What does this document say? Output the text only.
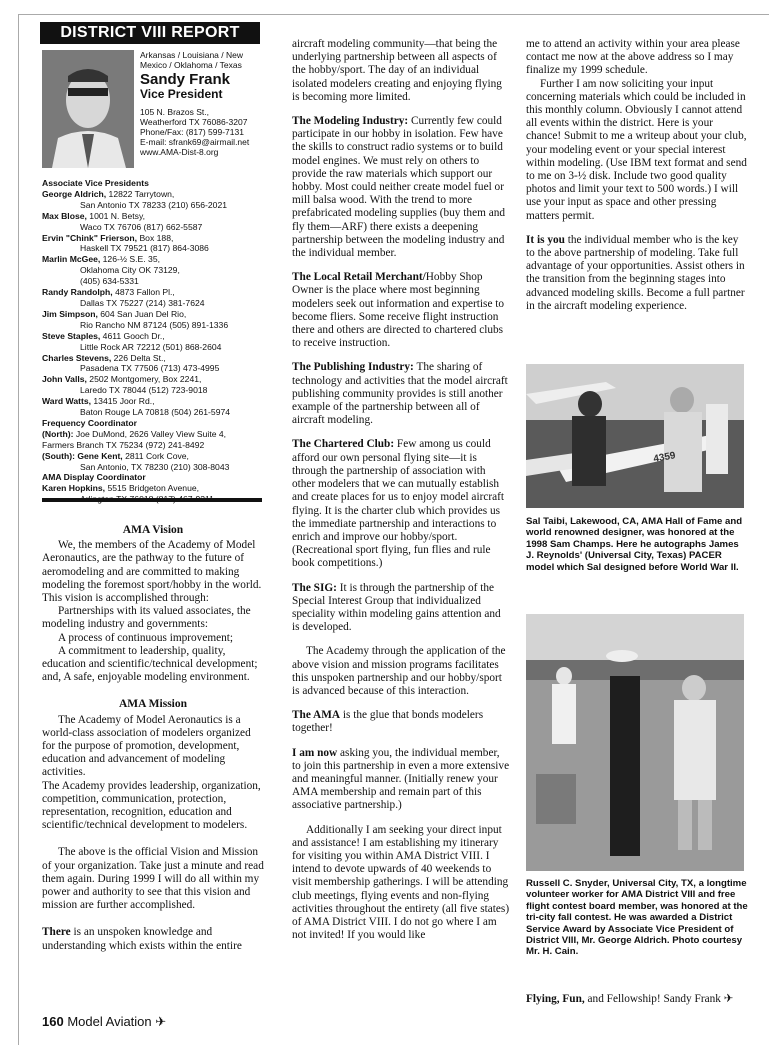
DISTRICT VIII REPORT
Arkansas / Louisiana / New
Mexico / Oklahoma / Texas
Sandy Frank
Vice President
105 N. Brazos St.,
Weatherford TX 76086-3207
Phone/Fax: (817) 599-7131
E-mail: sfrank69@airmail.net
www.AMA-Dist-8.org
Associate Vice Presidents
George Aldrich, 12822 Tarrytown,
San Antonio TX 78233 (210) 656-2021
Max Blose, 1001 N. Betsy,
Waco TX 76706 (817) 662-5587
Ervin "Chink" Frierson, Box 188,
Haskell TX 79521 (817) 864-3086
Marlin McGee, 126-½ S.E. 35,
Oklahoma City OK 73129,
(405) 634-5331
Randy Randolph, 4873 Fallon Pl.,
Dallas TX 75227 (214) 381-7624
Jim Simpson, 604 San Juan Del Rio,
Rio Rancho NM 87124 (505) 891-1336
Steve Staples, 4611 Gooch Dr.,
Little Rock AR 72212 (501) 868-2604
Charles Stevens, 226 Delta St.,
Pasadena TX 77506 (713) 473-4995
John Valls, 2502 Montgomery, Box 2241,
Laredo TX 78044 (512) 723-9018
Ward Watts, 13415 Joor Rd.,
Baton Rouge LA 70818 (504) 261-5974
Frequency Coordinator
(North): Joe DuMond, 2626 Valley View Suite 4,
Farmers Branch TX 75234 (972) 241-8492
(South): Gene Kent, 2811 Cork Cove,
San Antonio, TX 78230 (210) 308-8043
AMA Display Coordinator
Karen Hopkins, 5515 Bridgeton Avenue,
AMA Vision

We, the members of the Academy of Model Aeronautics, are the pathway to the future of aeromodeling and are committed to making modeling the foremost sport/hobby in the world.

This vision is accomplished through:

Partnerships with its valued associates, the modeling industry and governments:

A process of continuous improvement;

A commitment to leadership, quality, education and scientific/technical development; and, A safe, enjoyable modeling environment.

AMA Mission

The Academy of Model Aeronautics is a world-class association of modelers organized for the purpose of promotion, development, education and advancement of modeling activities.

The Academy provides leadership, organization, competition, communication, protection, representation, recognition, education and scientific/technical development to modelers.

The above is the official Vision and Mission of your organization. Take just a minute and read them again. During 1999 I will do all within my power and authority to see that this vision and mission are further accomplished.

There is an unspoken knowledge and understanding which exists within the entire

aircraft modeling community—that being the underlying partnership between all aspects of the hobby/sport. The day of an individual isolated modelers creating and enjoying flying is becoming more limited.

The Modeling Industry: Currently few could participate in our hobby in isolation. Few have the skills to construct radio systems or to build model engines. We must rely on others to provide the raw materials which support our hobby. Most could neither create model fuel or mill balsa wood. With the trend to more prefabricated modeling supplies (buy them and fly them—ARF) there exists a deepening partnership between the modeling industry and the individual member.

The Local Retail Merchant/Hobby Shop Owner is the place where most beginning modelers seek out information and expertise to become fliers. Some receive flight instruction there and others are directed to chartered clubs to receive instruction.

The Publishing Industry: The sharing of technology and activities that the model aircraft publishing community provides is still another example of the partnership between all of aircraft modeling.

The Chartered Club: Few among us could afford our own personal flying site—it is through the partnership of association with other modelers that we can mutually establish and create places for us to enjoy model aircraft flying. It is the charter club which provides us the immediate partnership and interactions to enrich and improve our hobby/sport. (Recreational sport flying, fun flies and rule book competitions.)

The SIG: It is through the partnership of the Special Interest Group that individualized speciality within modeling gains attention and is developed.

The Academy through the application of the above vision and mission programs facilitates this unspoken partnership and our hobby/sport is advanced because of this interaction.

The AMA is the glue that bonds modelers together!

I am now asking you, the individual member, to join this partnership in even a more extensive and meaningful manner. (Initially renew your AMA membership and remain part of this associative partnership.)

Additionally I am seeking your direct input and assistance! I am establishing my itinerary for visiting you within AMA District VIII. I intend to devote upwards of 40 weekends to visit membership gatherings. I will be attending club meetings, flying events and non-flying activities throughout the entirety (all five states) of AMA District VIII. I do not go where I am not invited! If you would like

me to attend an activity within your area please contact me now at the above address so I may finalize my 1999 schedule.

Further I am now soliciting your input concerning materials which could be included in this monthly column. Obviously I cannot attend all events within the district. Here is your chance! Submit to me a writeup about your club, your modeling event or your special interest within modeling. (Use IBM text format and send to me on 3-½ disk. Include two good quality photos and limit your text to 500 words.) I will use your input as space and other pressing matters permit.

It is you the individual member who is the key to the above partnership of modeling. Take full advantage of your opportunities. Assist others in the transition from the beginning stages into advanced modeling skills. Become a full partner in the aircraft modeling experience.

4359
Sal Taibi, Lakewood, CA, AMA Hall of Fame and world renowned designer, was honored at the 1998 Sam Champs. Here he autographs James J. Reynolds' (Universal City, Texas) PACER model which Sal designed before World War II.
Russell C. Snyder, Universal City, TX, a longtime volunteer worker for AMA District VIII and free flight contest board member, was honored at the tri-city fall contest. He was awarded a District Service Award by Associate Vice President of District VIII, Mr. George Aldrich. Photo courtesy Mr. H. Cain.
Flying, Fun, and Fellowship! Sandy Frank ✈
160 Model Aviation ✈
